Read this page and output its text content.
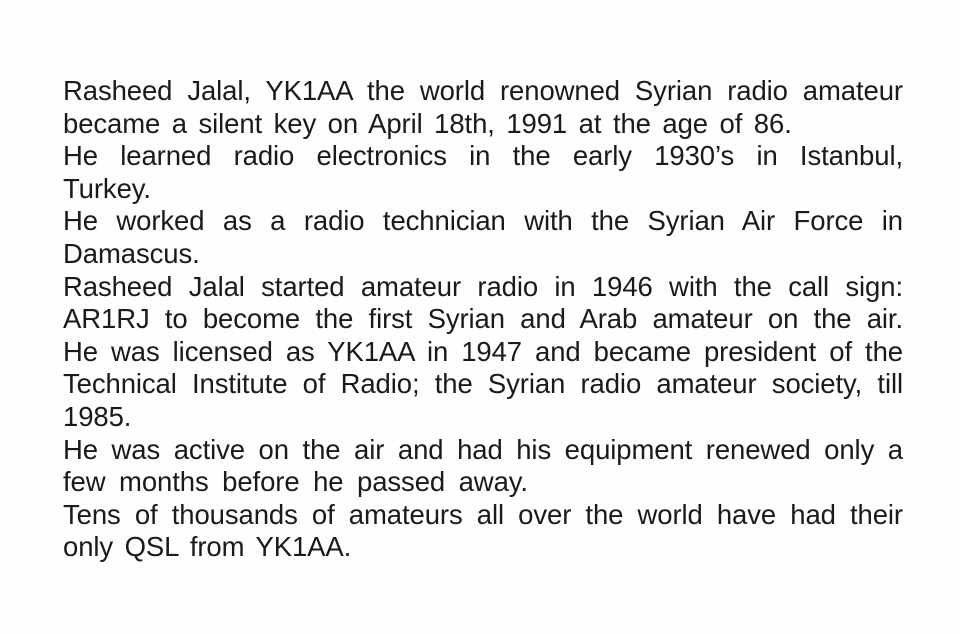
Rasheed Jalal, YK1AA the world renowned Syrian radio amateur
became a silent key on April 18th, 1991 at the age of 86.
He learned radio electronics in the early 1930’s in Istanbul,
Turkey.
He worked as a radio technician with the Syrian Air Force in
Damascus.
Rasheed Jalal started amateur radio in 1946 with the call sign:
AR1RJ to become the first Syrian and Arab amateur on the air.
He was licensed as YK1AA in 1947 and became president of the
Technical Institute of Radio; the Syrian radio amateur society, till
1985.
He was active on the air and had his equipment renewed only a
few months before he passed away.
Tens of thousands of amateurs all over the world have had their
only QSL from YK1AA.
